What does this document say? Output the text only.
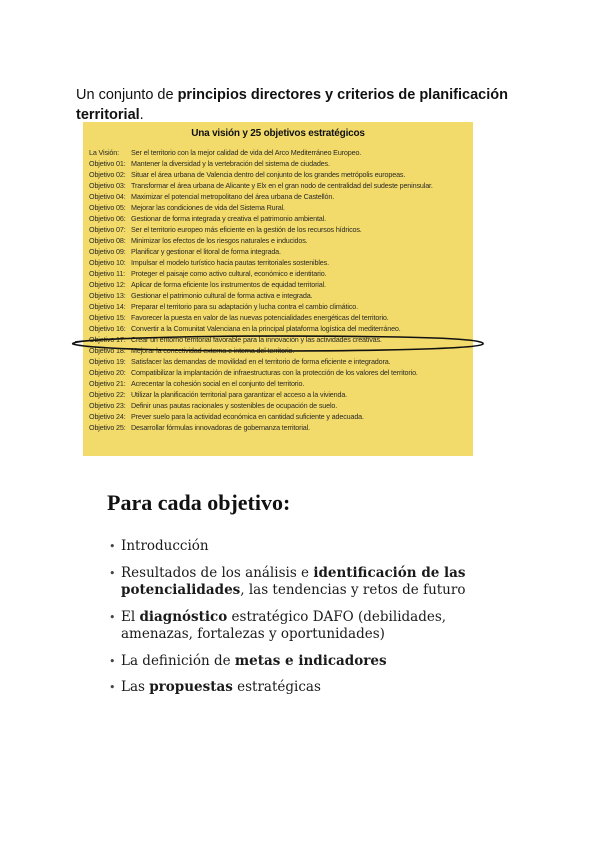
Un conjunto de principios directores y criterios de planificación territorial.

Una visión y 25 objetivos estratégicos
La Visión: Ser el territorio con la mejor calidad de vida del Arco Mediterráneo Europeo.
Objetivo 01: Mantener la diversidad y la vertebración del sistema de ciudades.
Objetivo 02: Situar el área urbana de Valencia dentro del conjunto de los grandes metrópolis europeas.
Objetivo 03: Transformar el área urbana de Alicante y Elx en el gran nodo de centralidad del sudeste peninsular.
Objetivo 04: Maximizar el potencial metropolitano del área urbana de Castellón.
Objetivo 05: Mejorar las condiciones de vida del Sistema Rural.
Objetivo 06: Gestionar de forma integrada y creativa el patrimonio ambiental.
Objetivo 07: Ser el territorio europeo más eficiente en la gestión de los recursos hídricos.
Objetivo 08: Minimizar los efectos de los riesgos naturales e inducidos.
Objetivo 09: Planificar y gestionar el litoral de forma integrada.
Objetivo 10: Impulsar el modelo turístico hacia pautas territoriales sostenibles.
Objetivo 11: Proteger el paisaje como activo cultural, económico e identitario.
Objetivo 12: Aplicar de forma eficiente los instrumentos de equidad territorial.
Objetivo 13: Gestionar el patrimonio cultural de forma activa e integrada.
Objetivo 14: Preparar el territorio para su adaptación y lucha contra el cambio climático.
Objetivo 15: Favorecer la puesta en valor de las nuevas potencialidades energéticas del territorio.
Objetivo 16: Convertir a la Comunitat Valenciana en la principal plataforma logística del mediterráneo.
Objetivo 17: Crear un entorno territorial favorable para la innovación y las actividades creativas.
Objetivo 18: Mejorar la conectividad externa e interna del territorio.
Objetivo 19: Satisfacer las demandas de movilidad en el territorio de forma eficiente e integradora.
Objetivo 20: Compatibilizar la implantación de infraestructuras con la protección de los valores del territorio.
Objetivo 21: Acrecentar la cohesión social en el conjunto del territorio.
Objetivo 22: Utilizar la planificación territorial para garantizar el acceso a la vivienda.
Objetivo 23: Definir unas pautas racionales y sostenibles de ocupación de suelo.
Objetivo 24: Prever suelo para la actividad económica en cantidad suficiente y adecuada.
Objetivo 25: Desarrollar fórmulas innovadoras de gobernanza territorial.
Para cada objetivo:
• Introducción
• Resultados de los análisis e identificación de las potencialidades, las tendencias y retos de futuro
• El diagnóstico estratégico DAFO (debilidades, amenazas, fortalezas y oportunidades)
• La definición de metas e indicadores
• Las propuestas estratégicas
